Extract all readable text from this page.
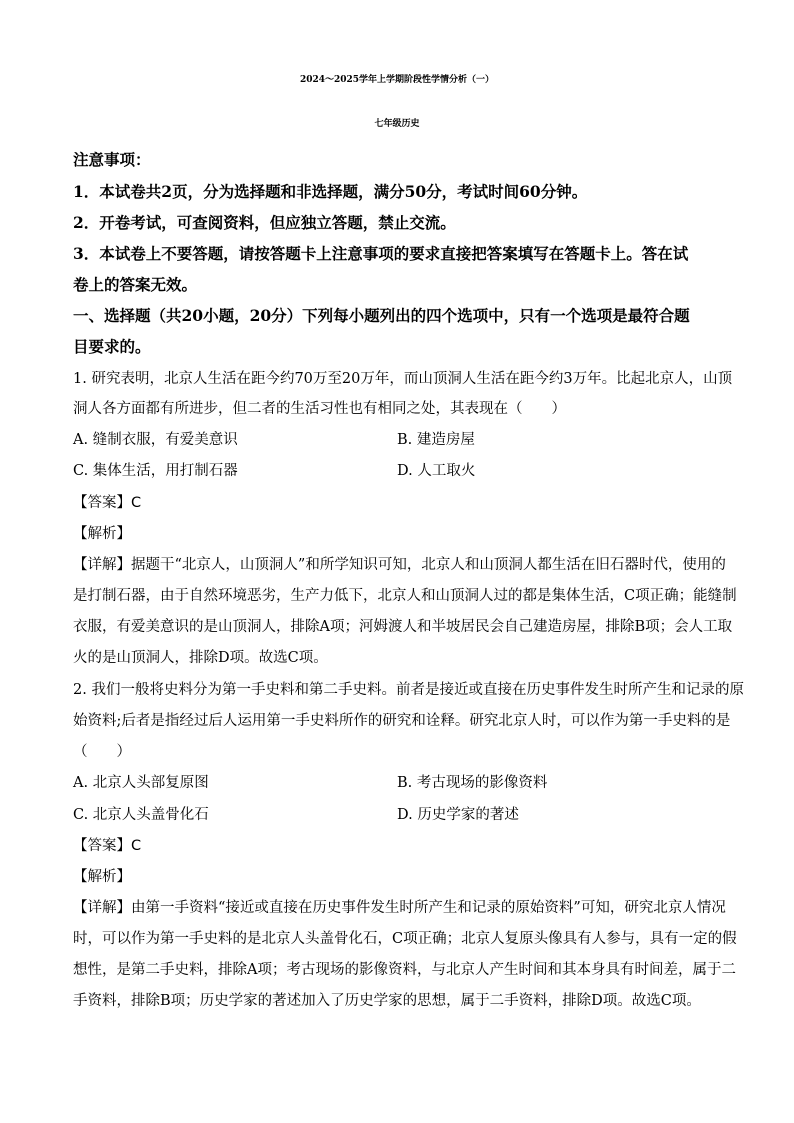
2024～2025学年上学期阶段性学情分析（一）
七年级历史
注意事项：
1．本试卷共2页，分为选择题和非选择题，满分50分，考试时间60分钟。
2．开卷考试，可查阅资料，但应独立答题，禁止交流。
3．本试卷上不要答题，请按答题卡上注意事项的要求直接把答案填写在答题卡上。答在试
卷上的答案无效。
一、选择题（共20小题，20分）下列每小题列出的四个选项中，只有一个选项是最符合题
目要求的。
1. 研究表明，北京人生活在距今约70万至20万年，而山顶洞人生活在距今约3万年。比起北京人，山顶
洞人各方面都有所进步，但二者的生活习性也有相同之处，其表现在（　　）
A. 缝制衣服，有爱美意识	B. 建造房屋
C. 集体生活，用打制石器	D. 人工取火
【答案】C
【解析】
【详解】据题干“北京人，山顶洞人”和所学知识可知，北京人和山顶洞人都生活在旧石器时代，使用的
是打制石器，由于自然环境恶劣，生产力低下，北京人和山顶洞人过的都是集体生活，C项正确；能缝制
衣服，有爱美意识的是山顶洞人，排除A项；河姆渡人和半坡居民会自己建造房屋，排除B项；会人工取
火的是山顶洞人，排除D项。故选C项。
2. 我们一般将史料分为第一手史料和第二手史料。前者是接近或直接在历史事件发生时所产生和记录的原
始资料;后者是指经过后人运用第一手史料所作的研究和诠释。研究北京人时，可以作为第一手史料的是
（　　）
A. 北京人头部复原图	B. 考古现场的影像资料
C. 北京人头盖骨化石	D. 历史学家的著述
【答案】C
【解析】
【详解】由第一手资料“接近或直接在历史事件发生时所产生和记录的原始资料”可知，研究北京人情况
时，可以作为第一手史料的是北京人头盖骨化石，C项正确；北京人复原头像具有人参与，具有一定的假
想性，是第二手史料，排除A项；考古现场的影像资料，与北京人产生时间和其本身具有时间差，属于二
手资料，排除B项；历史学家的著述加入了历史学家的思想，属于二手资料，排除D项。故选C项。
